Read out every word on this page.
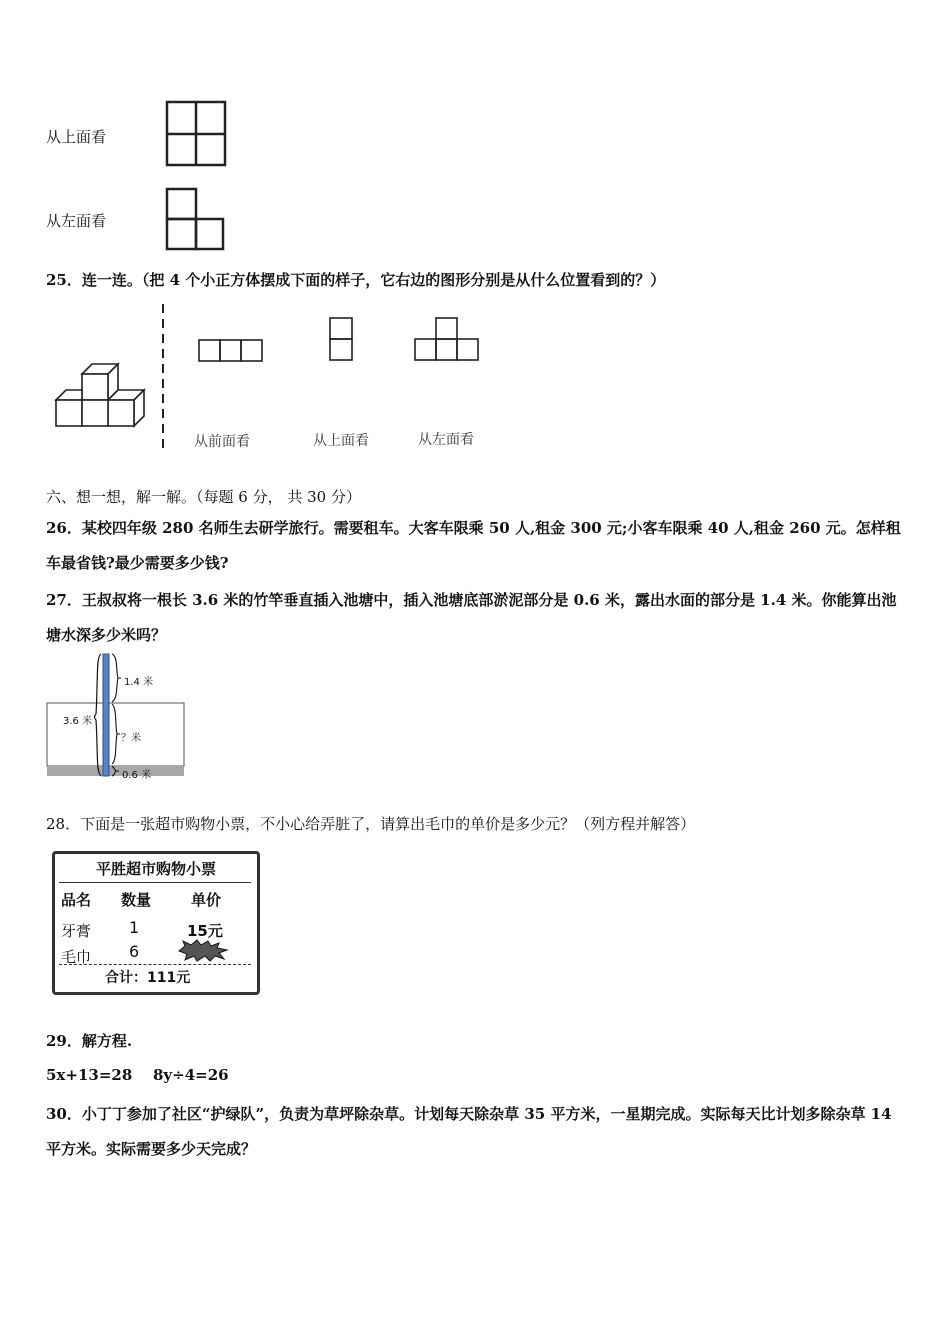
从上面看
从左面看
25．连一连。（把 4 个小正方体摆成下面的样子，它右边的图形分别是从什么位置看到的？）
从前面看	从上面看	从左面看
六、想一想，解一解。（每题 6 分， 共 30 分）
26．某校四年级 280 名师生去研学旅行。需要租车。大客车限乘 50 人,租金 300 元;小客车限乘 40 人,租金 260 元。怎样租车最省钱?最少需要多少钱?
27．王叔叔将一根长 3.6 米的竹竿垂直插入池塘中，插入池塘底部淤泥部分是 0.6 米，露出水面的部分是 1.4 米。你能算出池塘水深多少米吗？
3.6 米
1.4 米
？米
0.6 米
28．下面是一张超市购物小票，不小心给弄脏了，请算出毛巾的单价是多少元？（列方程并解答）
平胜超市购物小票
品名 数量	单价
牙膏 1	15元
毛巾 6
合计：111元
29．解方程.
5x+13=28 8y÷4=26
30．小丁丁参加了社区“护绿队”，负责为草坪除杂草。计划每天除杂草 35 平方米，一星期完成。实际每天比计划多除杂草 14 平方米。实际需要多少天完成？
